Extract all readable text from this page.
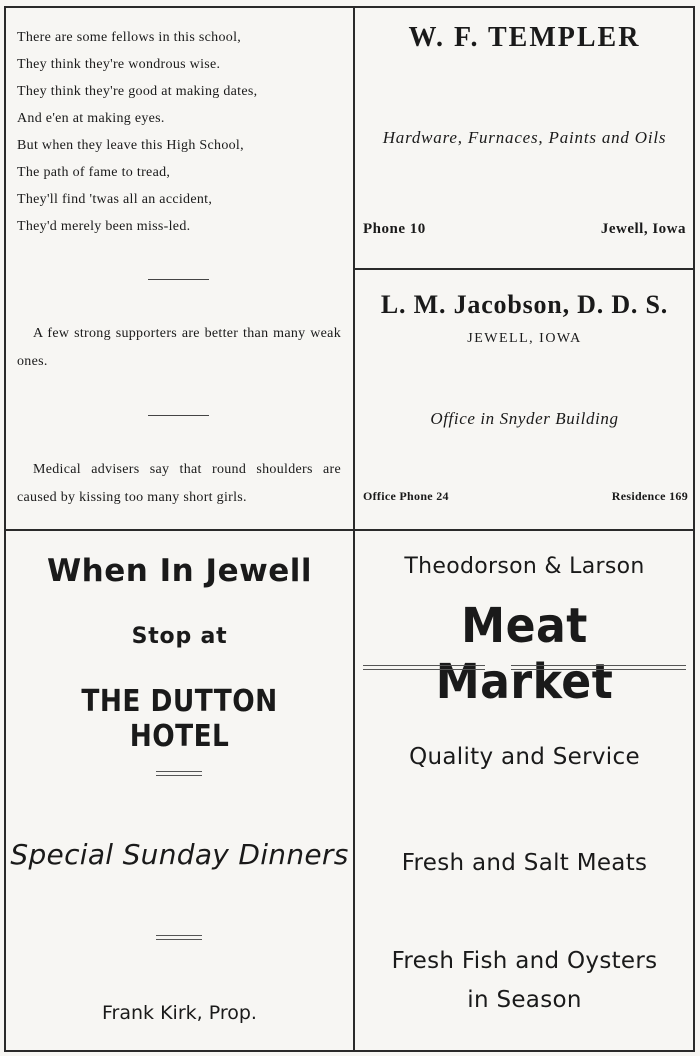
There are some fellows in this school,
They think they're wondrous wise.
They think they're good at making dates,
And e'en at making eyes.
But when they leave this High School,
The path of fame to tread,
They'll find 'twas all an accident,
They'd merely been miss-led.
A few strong supporters are better than many weak ones.
Medical advisers say that round shoulders are caused by kissing too many short girls.
W. F. TEMPLER
Hardware, Furnaces, Paints and Oils
Phone 10	Jewell, Iowa
L. M. Jacobson, D. D. S.
JEWELL, IOWA
Office in Snyder Building
Office Phone 24	Residence 169
When In Jewell
Stop at
THE DUTTON HOTEL
Special Sunday Dinners
Frank Kirk, Prop.
Theodorson & Larson
Meat Market
Quality and Service
Fresh and Salt Meats
Fresh Fish and Oysters
in Season
